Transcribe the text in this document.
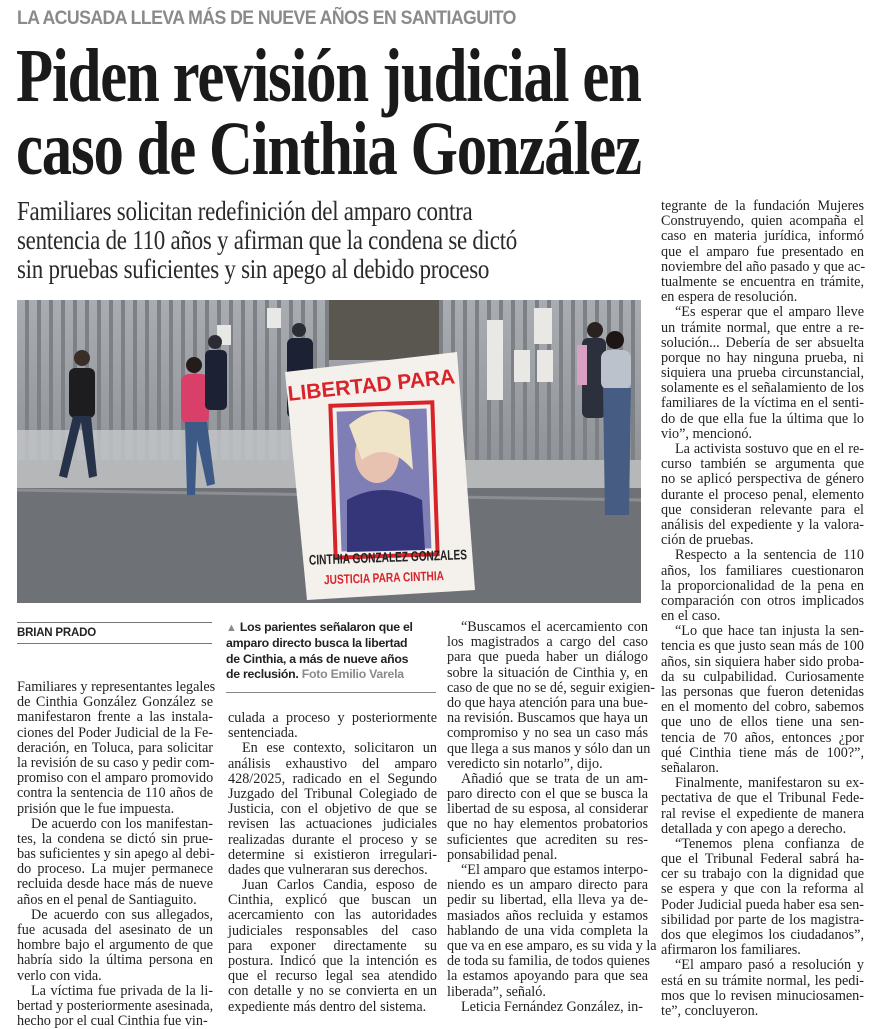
LA ACUSADA LLEVA MÁS DE NUEVE AÑOS EN SANTIAGUITO
Piden revisión judicial en
caso de Cinthia González
Familiares solicitan redefinición del amparo contra
sentencia de 110 años y afirman que la condena se dictó
sin pruebas suficientes y sin apego al debido proceso
LIBERTAD PARA
CINTHIA GONZALEZ GONZALES
JUSTICIA PARA CINTHIA
BRIAN PRADO	▲ Los parientes señalaron que el
amparo directo busca la libertad
de Cinthia, a más de nueve años
de reclusión. Foto Emilio Varela
Familiares y representantes legales
de Cinthia González González se
manifestaron frente a las instala-
ciones del Poder Judicial de la Fe-
deración, en Toluca, para solicitar
la revisión de su caso y pedir com-
promiso con el amparo promovido
contra la sentencia de 110 años de
prisión que le fue impuesta.
De acuerdo con los manifestan-
tes, la condena se dictó sin prue-
bas suficientes y sin apego al debi-
do proceso. La mujer permanece
recluida desde hace más de nueve
años en el penal de Santiaguito.
De acuerdo con sus allegados,
fue acusada del asesinato de un
hombre bajo el argumento de que
habría sido la última persona en
verlo con vida.
La víctima fue privada de la li-
bertad y posteriormente asesinada,
hecho por el cual Cinthia fue vin-
culada a proceso y posteriormente
sentenciada.
En ese contexto, solicitaron un
análisis exhaustivo del amparo
428/2025, radicado en el Segundo
Juzgado del Tribunal Colegiado de
Justicia, con el objetivo de que se
revisen las actuaciones judiciales
realizadas durante el proceso y se
determine si existieron irregulari-
dades que vulneraran sus derechos.
Juan Carlos Candia, esposo de
Cinthia, explicó que buscan un
acercamiento con las autoridades
judiciales responsables del caso
para exponer directamente su
postura. Indicó que la intención es
que el recurso legal sea atendido
con detalle y no se convierta en un
expediente más dentro del sistema.
“Buscamos el acercamiento con
los magistrados a cargo del caso
para que pueda haber un diálogo
sobre la situación de Cinthia y, en
caso de que no se dé, seguir exigien-
do que haya atención para una bue-
na revisión. Buscamos que haya un
compromiso y no sea un caso más
que llega a sus manos y sólo dan un
veredicto sin notarlo”, dijo.
Añadió que se trata de un am-
paro directo con el que se busca la
libertad de su esposa, al considerar
que no hay elementos probatorios
suficientes que acrediten su res-
ponsabilidad penal.
“El amparo que estamos interpo-
niendo es un amparo directo para
pedir su libertad, ella lleva ya de-
masiados años recluida y estamos
hablando de una vida completa la
que va en ese amparo, es su vida y la
de toda su familia, de todos quienes
la estamos apoyando para que sea
liberada”, señaló.
Leticia Fernández González, in-
tegrante de la fundación Mujeres
Construyendo, quien acompaña el
caso en materia jurídica, informó
que el amparo fue presentado en
noviembre del año pasado y que ac-
tualmente se encuentra en trámite,
en espera de resolución.
“Es esperar que el amparo lleve
un trámite normal, que entre a re-
solución... Debería de ser absuelta
porque no hay ninguna prueba, ni
siquiera una prueba circunstancial,
solamente es el señalamiento de los
familiares de la víctima en el senti-
do de que ella fue la última que lo
vio”, mencionó.
La activista sostuvo que en el re-
curso también se argumenta que
no se aplicó perspectiva de género
durante el proceso penal, elemento
que consideran relevante para el
análisis del expediente y la valora-
ción de pruebas.
Respecto a la sentencia de 110
años, los familiares cuestionaron
la proporcionalidad de la pena en
comparación con otros implicados
en el caso.
“Lo que hace tan injusta la sen-
tencia es que justo sean más de 100
años, sin siquiera haber sido proba-
da su culpabilidad. Curiosamente
las personas que fueron detenidas
en el momento del cobro, sabemos
que uno de ellos tiene una sen-
tencia de 70 años, entonces ¿por
qué Cinthia tiene más de 100?”,
señalaron.
Finalmente, manifestaron su ex-
pectativa de que el Tribunal Fede-
ral revise el expediente de manera
detallada y con apego a derecho.
“Tenemos plena confianza de
que el Tribunal Federal sabrá ha-
cer su trabajo con la dignidad que
se espera y que con la reforma al
Poder Judicial pueda haber esa sen-
sibilidad por parte de los magistra-
dos que elegimos los ciudadanos”,
afirmaron los familiares.
“El amparo pasó a resolución y
está en su trámite normal, les pedi-
mos que lo revisen minuciosamen-
te”, concluyeron.
